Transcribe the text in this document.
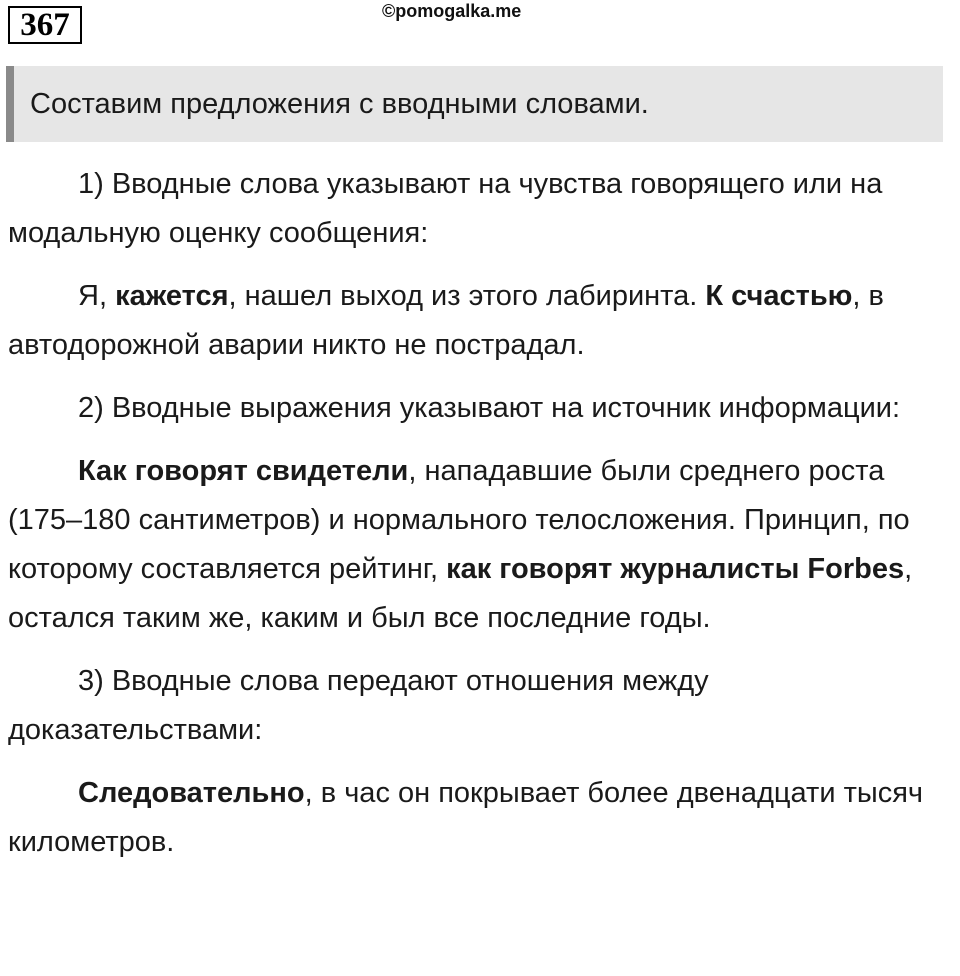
367	©pomogalka.me
Составим предложения с вводными словами.

1) Вводные слова указывают на чувства говорящего или на модальную оценку сообщения:

Я, кажется, нашел выход из этого лабиринта. К счастью, в автодорожной аварии никто не пострадал.

2) Вводные выражения указывают на источник информации:

Как говорят свидетели, нападавшие были среднего роста (175–180 сантиметров) и нормального телосложения. Принцип, по которому составляется рейтинг, как говорят журналисты Forbes, остался таким же, каким и был все последние годы.

3) Вводные слова передают отношения между доказательствами:

Следовательно, в час он покрывает более двенадцати тысяч километров.
